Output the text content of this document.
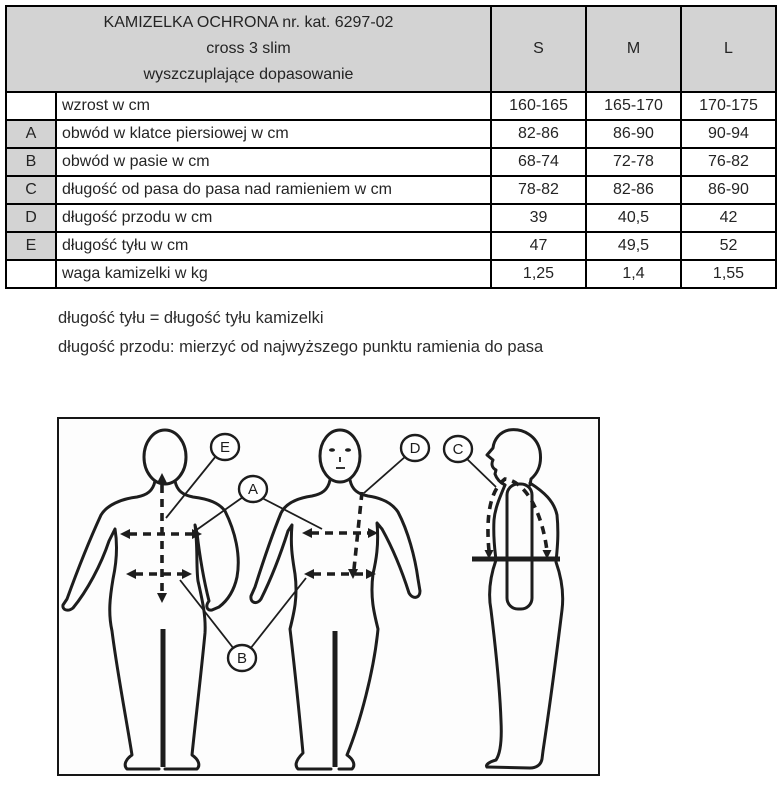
KAMIZELKA OCHRONA nr. kat. 6297-02
cross 3 slim
wyszczuplające dopasowanie		S	M	L
	wzrost w cm	160-165	165-170	170-175
A	obwód w klatce piersiowej w cm	82-86	86-90	90-94
B	obwód w pasie w cm	68-74	72-78	76-82
C	długość od pasa do pasa nad ramieniem w cm	78-82	82-86	86-90
D	długość przodu w cm	39	40,5	42
E	długość tyłu w cm	47	49,5	52
	waga kamizelki w kg	1,25	1,4	1,55
długość tyłu = długość tyłu kamizelki
długość przodu: mierzyć od najwyższego punktu ramienia do pasa
E
A
B
D C
